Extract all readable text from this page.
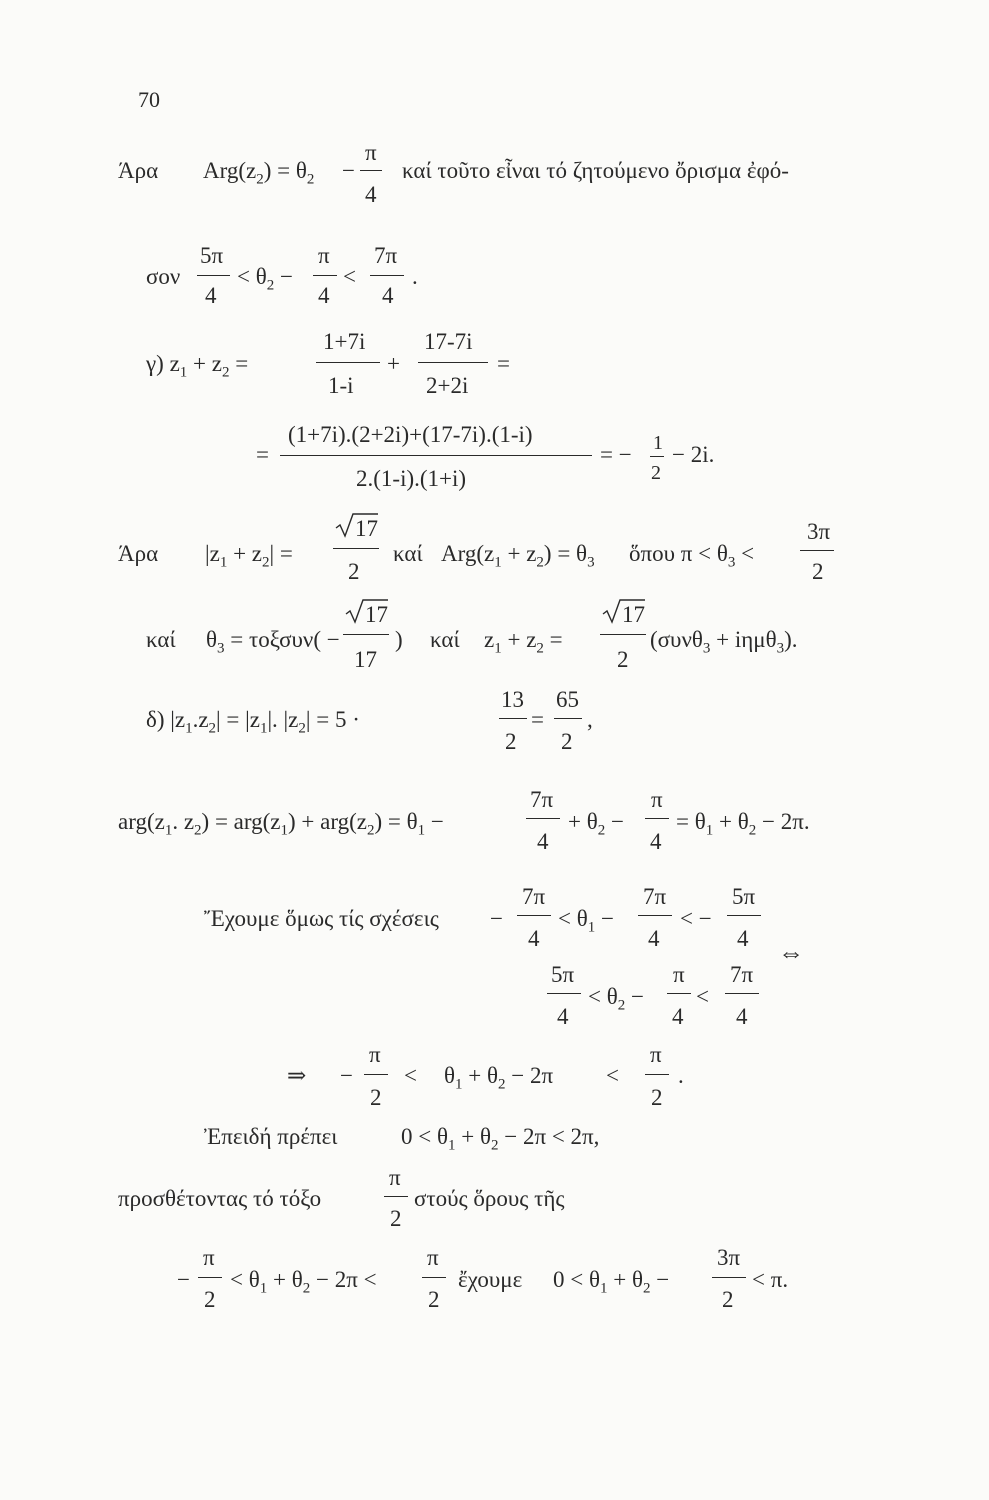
70
Άρα $Arg(z_2) = \theta_2$ −
π
4
καί τοῦτο εἶναι τό ζητούμενο ὄρισμα ἐφό-
σον
5π
4
< $\theta_2$ −
π
4
<
7π
4
.
γ) $z_1 + z_2$ =
1+7i
1-i
+
17-7i
2+2i
=
=
(1+7i).(2+2i)+(17-7i).(1-i)
2.(1-i).(1+i)
= − 1
2
− 2i.
Άρα $|z_1 + z_2|$ =
17
2
καί $Arg(z_1 + z_2) = \theta_3$ ὅπου $\pi < \theta_3$ <
3π
2
καί $\theta_3 = \tau o\xi\sigma\upsilon\nu$( −
17
17
) καί $z_1 + z_2$ =
17
2
(συνθ$_3$ + iημθ$_3$).
δ) $|z_1.z_2| = |z_1|$. $|z_2| = 5$ ·
13
2
=
65
2
,
$arg(z_1$. $z_2) = arg(z_1) + arg(z_2) = \theta_1$ −
7π
4
+ $\theta_2$ −
π
4
= $\theta_1 + \theta_2 - 2\pi$.
Ἔχουμε ὅμως τίς σχέσεις −
7π
4
< $\theta_1$ −
7π
4
< −
5π
4 ⇔
5π
4
< $\theta_2$ −
π
4
<
7π
4
⇒ −
π
2
< $\theta_1 + \theta_2 - 2\pi$ <
π
2
.
Ἐπειδή πρέπει	$0 < \theta_1 + \theta_2 - 2\pi < 2\pi$,
προσθέτοντας τό τόξο
π
2
στούς ὅρους τῆς
−
π
2
< $\theta_1 + \theta_2 - 2\pi$ <
π
2
ἔχουμε $0 < \theta_1 + \theta_2$ −
3π
2
< π.
